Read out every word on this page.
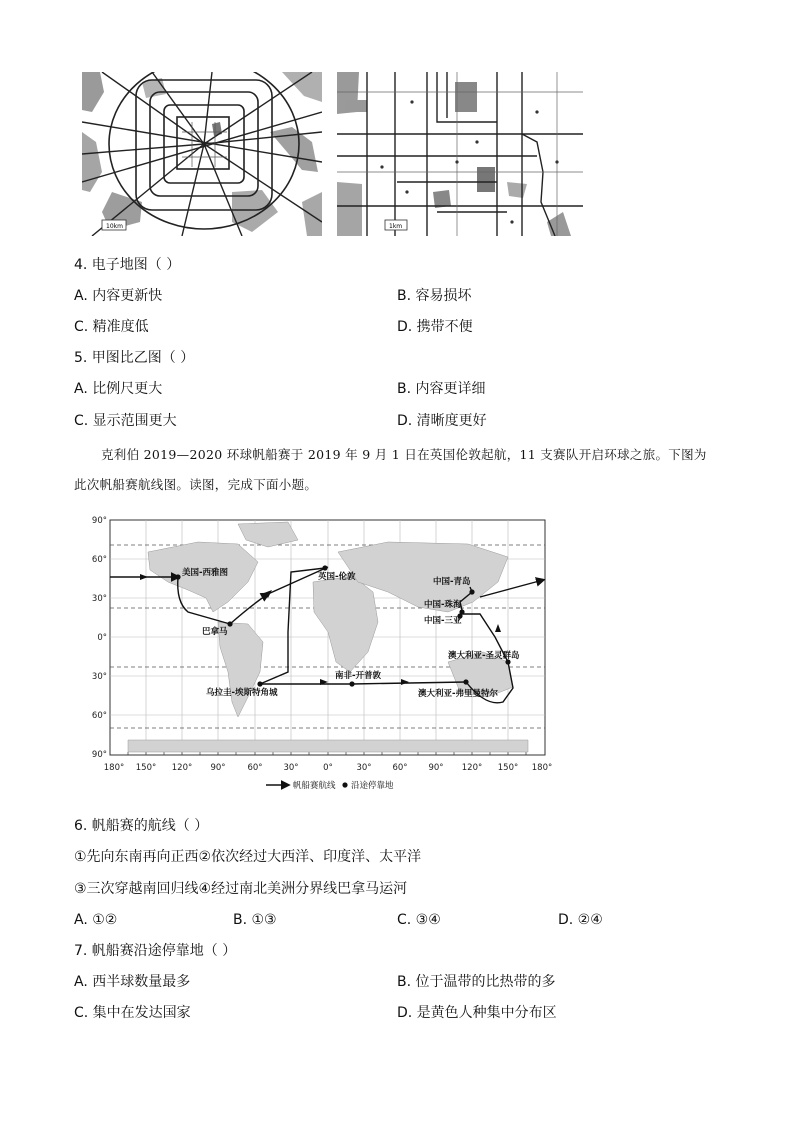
10km	1km
4. 电子地图（ ）
A. 内容更新快	B. 容易损坏
C. 精准度低	D. 携带不便
5. 甲图比乙图（ ）
A. 比例尺更大	B. 内容更详细
C. 显示范围更大	D. 清晰度更好
克利伯 2019—2020 环球帆船赛于 2019 年 9 月 1 日在英国伦敦起航，11 支赛队开启环球之旅。下图为
此次帆船赛航线图。读图，完成下面小题。
美国-西雅图
巴拿马
英国-伦敦
乌拉圭-埃斯特角城
南非-开普敦
澳大利亚-弗里曼特尔
澳大利亚-圣灵群岛
中国-青岛
中国-珠海
中国-三亚
90°
60°
30°
0°
30°
60°
90°
180° 150° 120° 90°	60° 30°	0°	30° 60° 90° 120° 150° 180°
帆船赛航线 沿途停靠地
6. 帆船赛的航线（ ）
①先向东南再向正西②依次经过大西洋、印度洋、太平洋
③三次穿越南回归线④经过南北美洲分界线巴拿马运河
A. ①②	B. ①③	C. ③④	D. ②④
7. 帆船赛沿途停靠地（ ）
A. 西半球数量最多	B. 位于温带的比热带的多
C. 集中在发达国家	D. 是黄色人种集中分布区
